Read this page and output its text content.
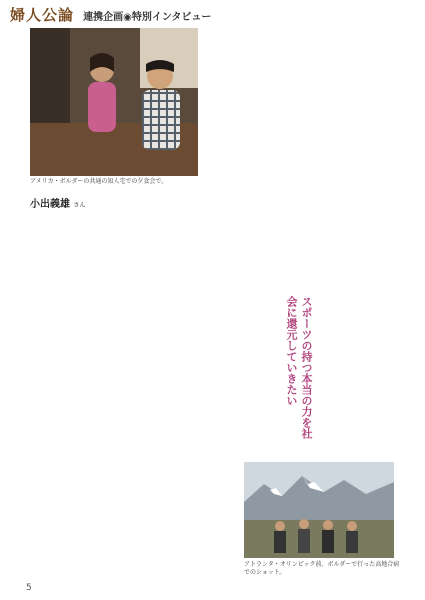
婦人公論 連携企画◉特別インタビュー
アメリカ・ボルダーの共通の知人宅での夕食会で。
小出義雄 さん
スポーツの持つ本当の力を社会に還元していきたい
アトランタ・オリンピック前、ボルダーで行った高地合宿でのショット。
5
